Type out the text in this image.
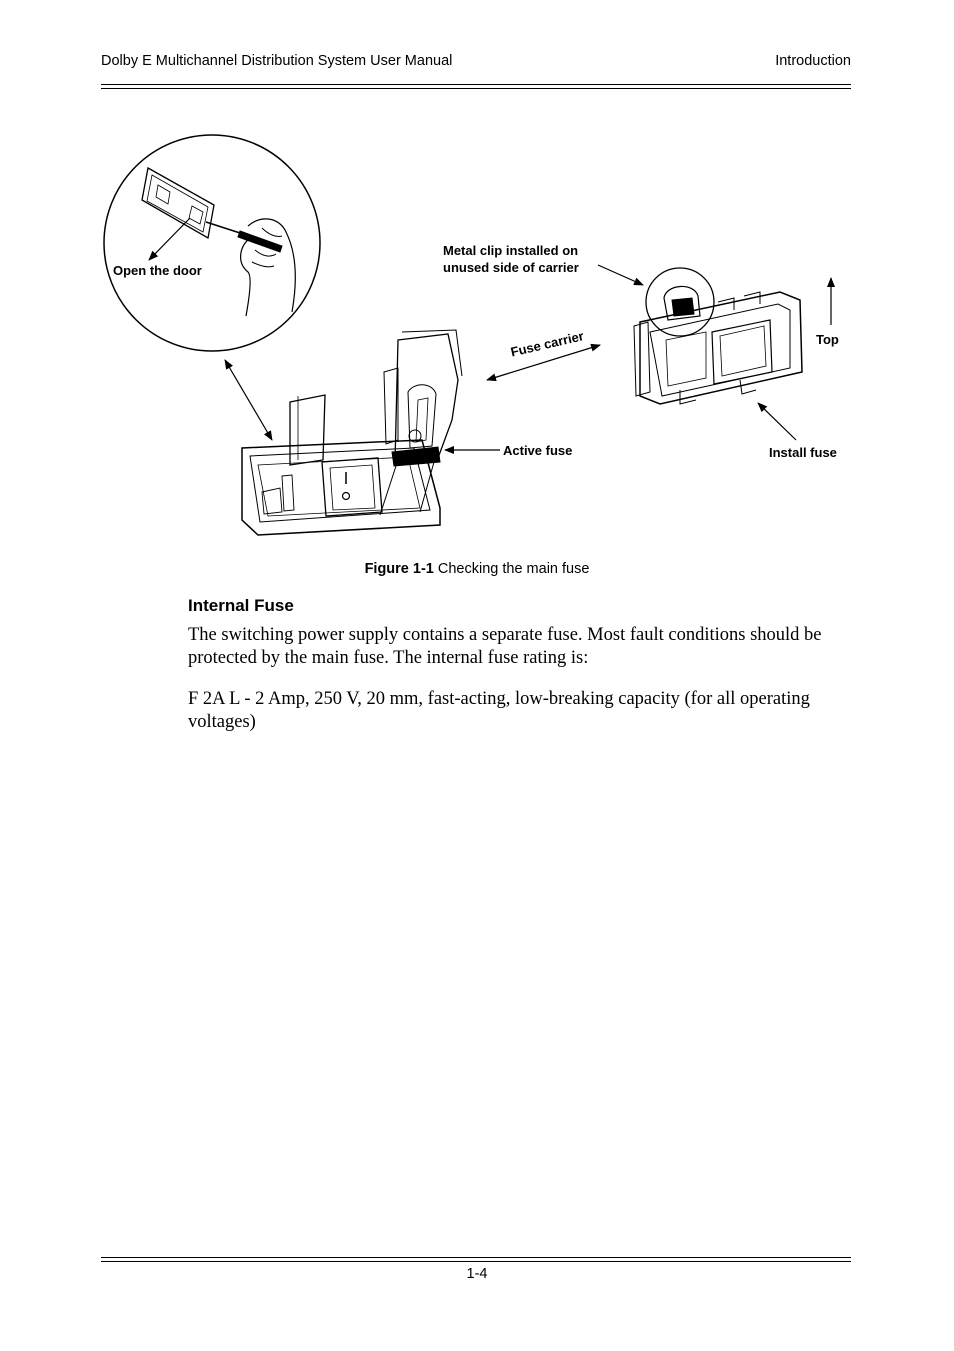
Dolby E Multichannel Distribution System User Manual	Introduction
Open the door
Metal clip installed on
unused side of carrier
Fuse carrier	Top
Active fuse	Install fuse
Figure 1-1 Checking the main fuse
Internal Fuse
The switching power supply contains a separate fuse. Most fault conditions should be protected by the main fuse. The internal fuse rating is:
F 2A L - 2 Amp, 250 V, 20 mm, fast-acting, low-breaking capacity (for all operating voltages)
1-4
